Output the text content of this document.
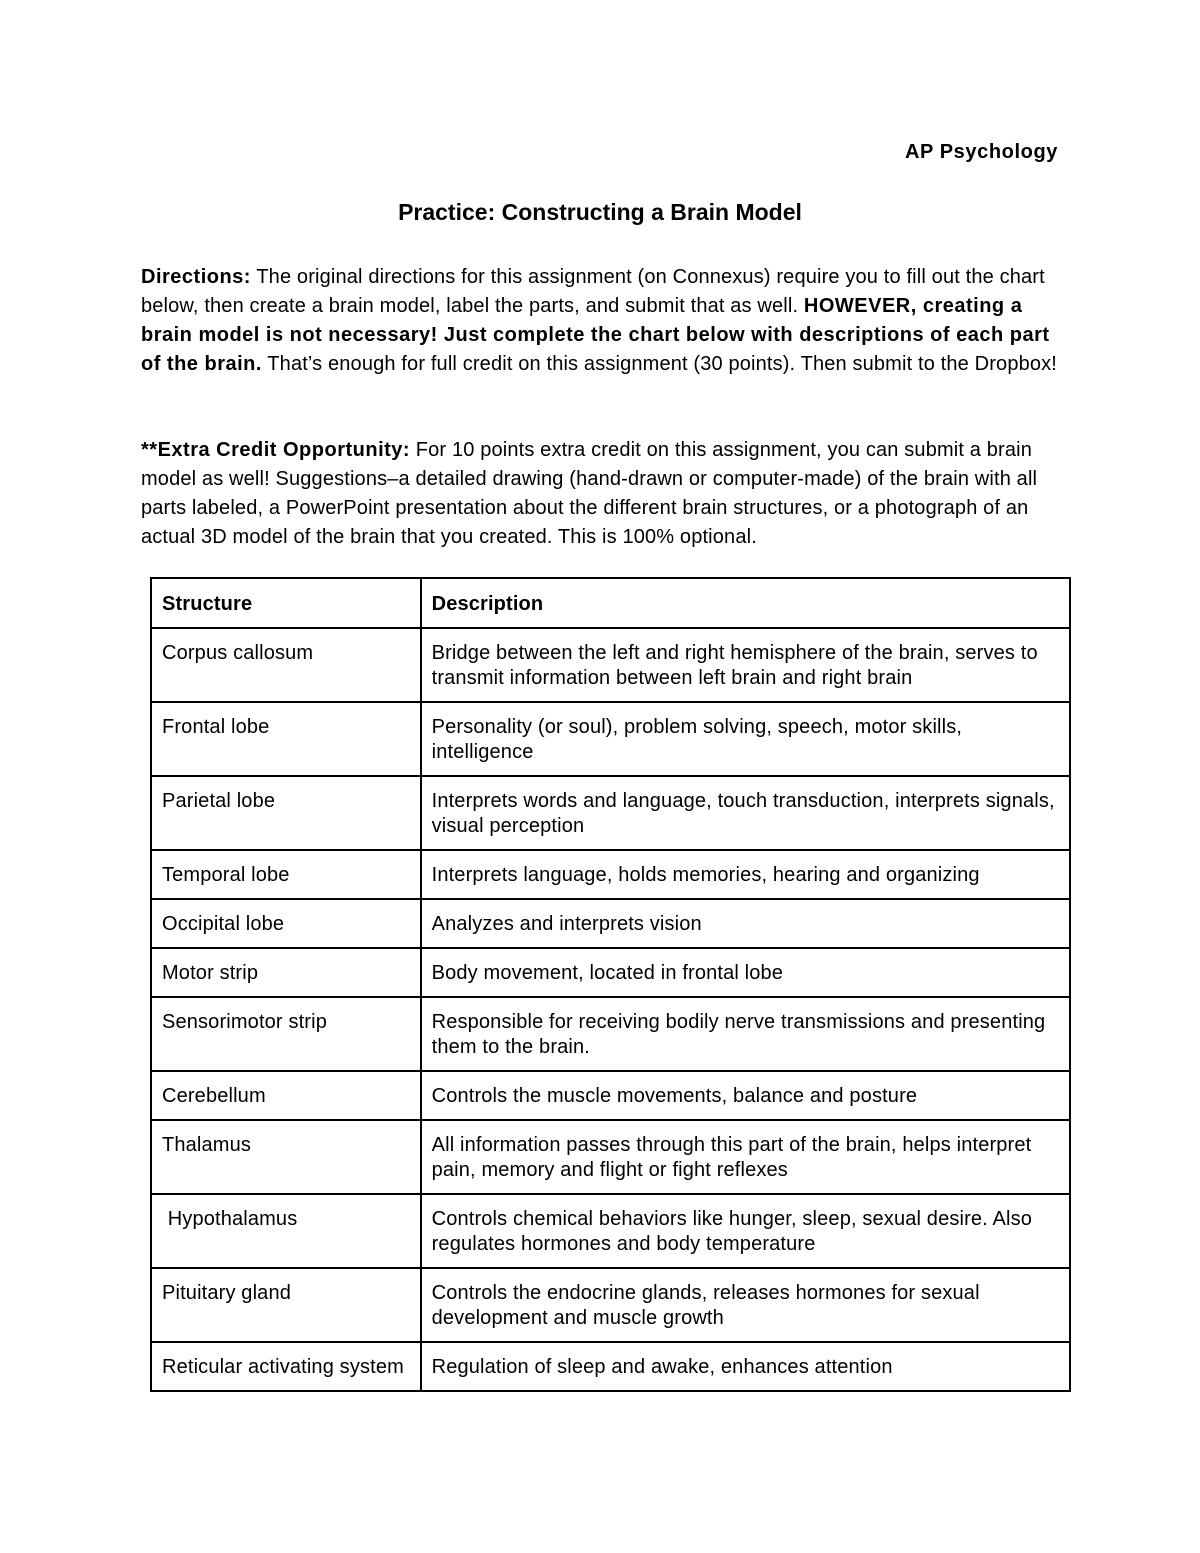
AP Psychology
Practice: Constructing a Brain Model
Directions: The original directions for this assignment (on Connexus) require you to fill out the chart below, then create a brain model, label the parts, and submit that as well. HOWEVER, creating a brain model is not necessary! Just complete the chart below with descriptions of each part of the brain. That’s enough for full credit on this assignment (30 points). Then submit to the Dropbox!
**Extra Credit Opportunity: For 10 points extra credit on this assignment, you can submit a brain model as well! Suggestions–a detailed drawing (hand-drawn or computer-made) of the brain with all parts labeled, a PowerPoint presentation about the different brain structures, or a photograph of an actual 3D model of the brain that you created. This is 100% optional.
Structure	Description
Corpus callosum	Bridge between the left and right hemisphere of the brain, serves to transmit information between left brain and right brain
Frontal lobe	Personality (or soul), problem solving, speech, motor skills, intelligence
Parietal lobe	Interprets words and language, touch transduction, interprets signals, visual perception
Temporal lobe	Interprets language, holds memories, hearing and organizing
Occipital lobe	Analyzes and interprets vision
Motor strip	Body movement, located in frontal lobe
Sensorimotor strip	Responsible for receiving bodily nerve transmissions and presenting them to the brain.
Cerebellum	Controls the muscle movements, balance and posture
Thalamus	All information passes through this part of the brain, helps interpret pain, memory and flight or fight reflexes
Hypothalamus	Controls chemical behaviors like hunger, sleep, sexual desire. Also regulates hormones and body temperature
Pituitary gland	Controls the endocrine glands, releases hormones for sexual development and muscle growth
Reticular activating system	Regulation of sleep and awake, enhances attention
